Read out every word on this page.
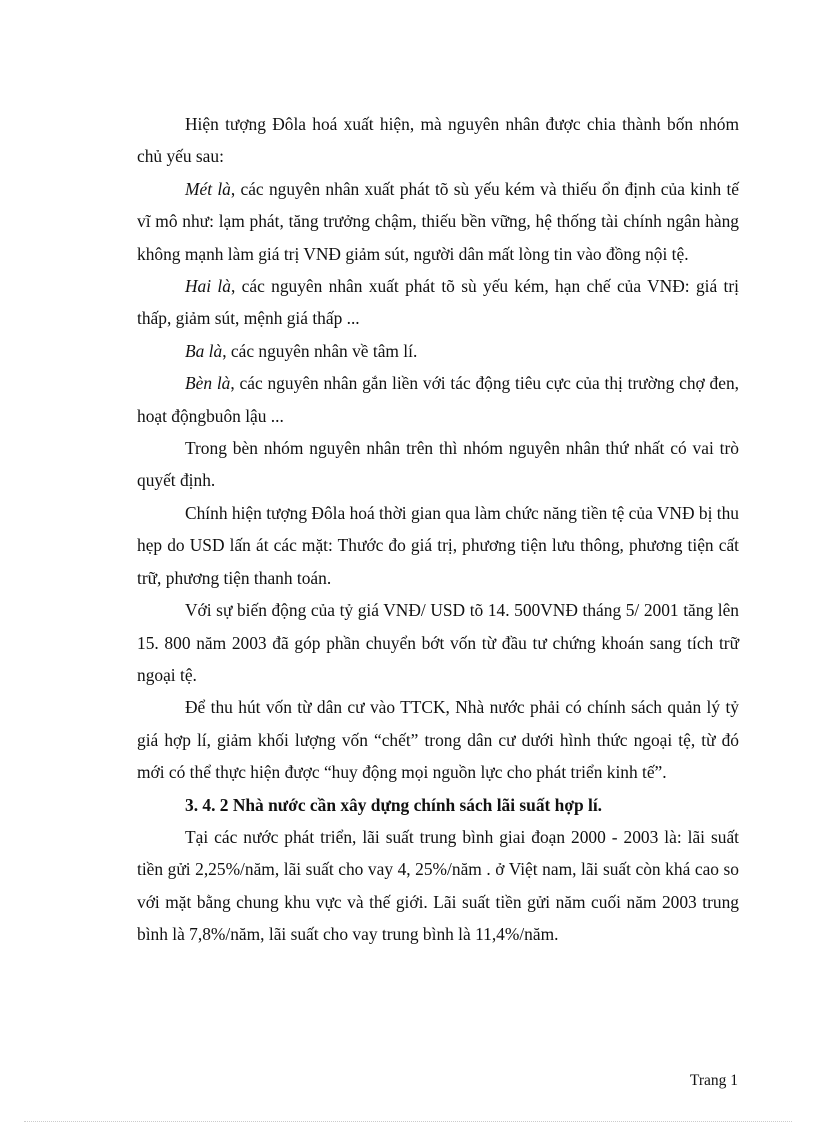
Hiện tượng Đôla hoá xuất hiện, mà nguyên nhân được chia thành bốn nhóm chủ yếu sau:

Mét là, các nguyên nhân xuất phát tõ sù yếu kém và thiếu ổn định của kinh tế vĩ mô như: lạm phát, tăng trưởng chậm, thiếu bền vững, hệ thống tài chính ngân hàng không mạnh làm giá trị VNĐ giảm sút, người dân mất lòng tin vào đồng nội tệ.

Hai là, các nguyên nhân xuất phát tõ sù yếu kém, hạn chế của VNĐ: giá trị thấp, giảm sút, mệnh giá thấp ...

Ba là, các nguyên nhân về tâm lí.

Bèn là, các nguyên nhân gắn liền với tác động tiêu cực của thị trường chợ đen, hoạt độngbuôn lậu ...

Trong bèn nhóm nguyên nhân trên thì nhóm nguyên nhân thứ nhất có vai trò quyết định.

Chính hiện tượng Đôla hoá thời gian qua làm chức năng tiền tệ của VNĐ bị thu hẹp do USD lấn át các mặt: Thước đo giá trị, phương tiện lưu thông, phương tiện cất trữ, phương tiện thanh toán.

Với sự biến động của tỷ giá VNĐ/ USD tõ 14. 500VNĐ tháng 5/ 2001 tăng lên 15. 800 năm 2003 đã góp phần chuyển bớt vốn từ đầu tư chứng khoán sang tích trữ ngoại tệ.

Để thu hút vốn từ dân cư vào TTCK, Nhà nước phải có chính sách quản lý tỷ giá hợp lí, giảm khối lượng vốn “chết” trong dân cư dưới hình thức ngoại tệ, từ đó mới có thể thực hiện được “huy động mọi nguồn lực cho phát triển kinh tế”.

3. 4. 2 Nhà nước cần xây dựng chính sách lãi suất hợp lí.

Tại các nước phát triển, lãi suất trung bình giai đoạn 2000 - 2003 là: lãi suất tiền gửi 2,25%/năm, lãi suất cho vay 4, 25%/năm . ở Việt nam, lãi suất còn khá cao so với mặt bằng chung khu vực và thế giới. Lãi suất tiền gửi năm cuối năm 2003 trung bình là 7,8%/năm, lãi suất cho vay trung bình là 11,4%/năm.

Trang 1
